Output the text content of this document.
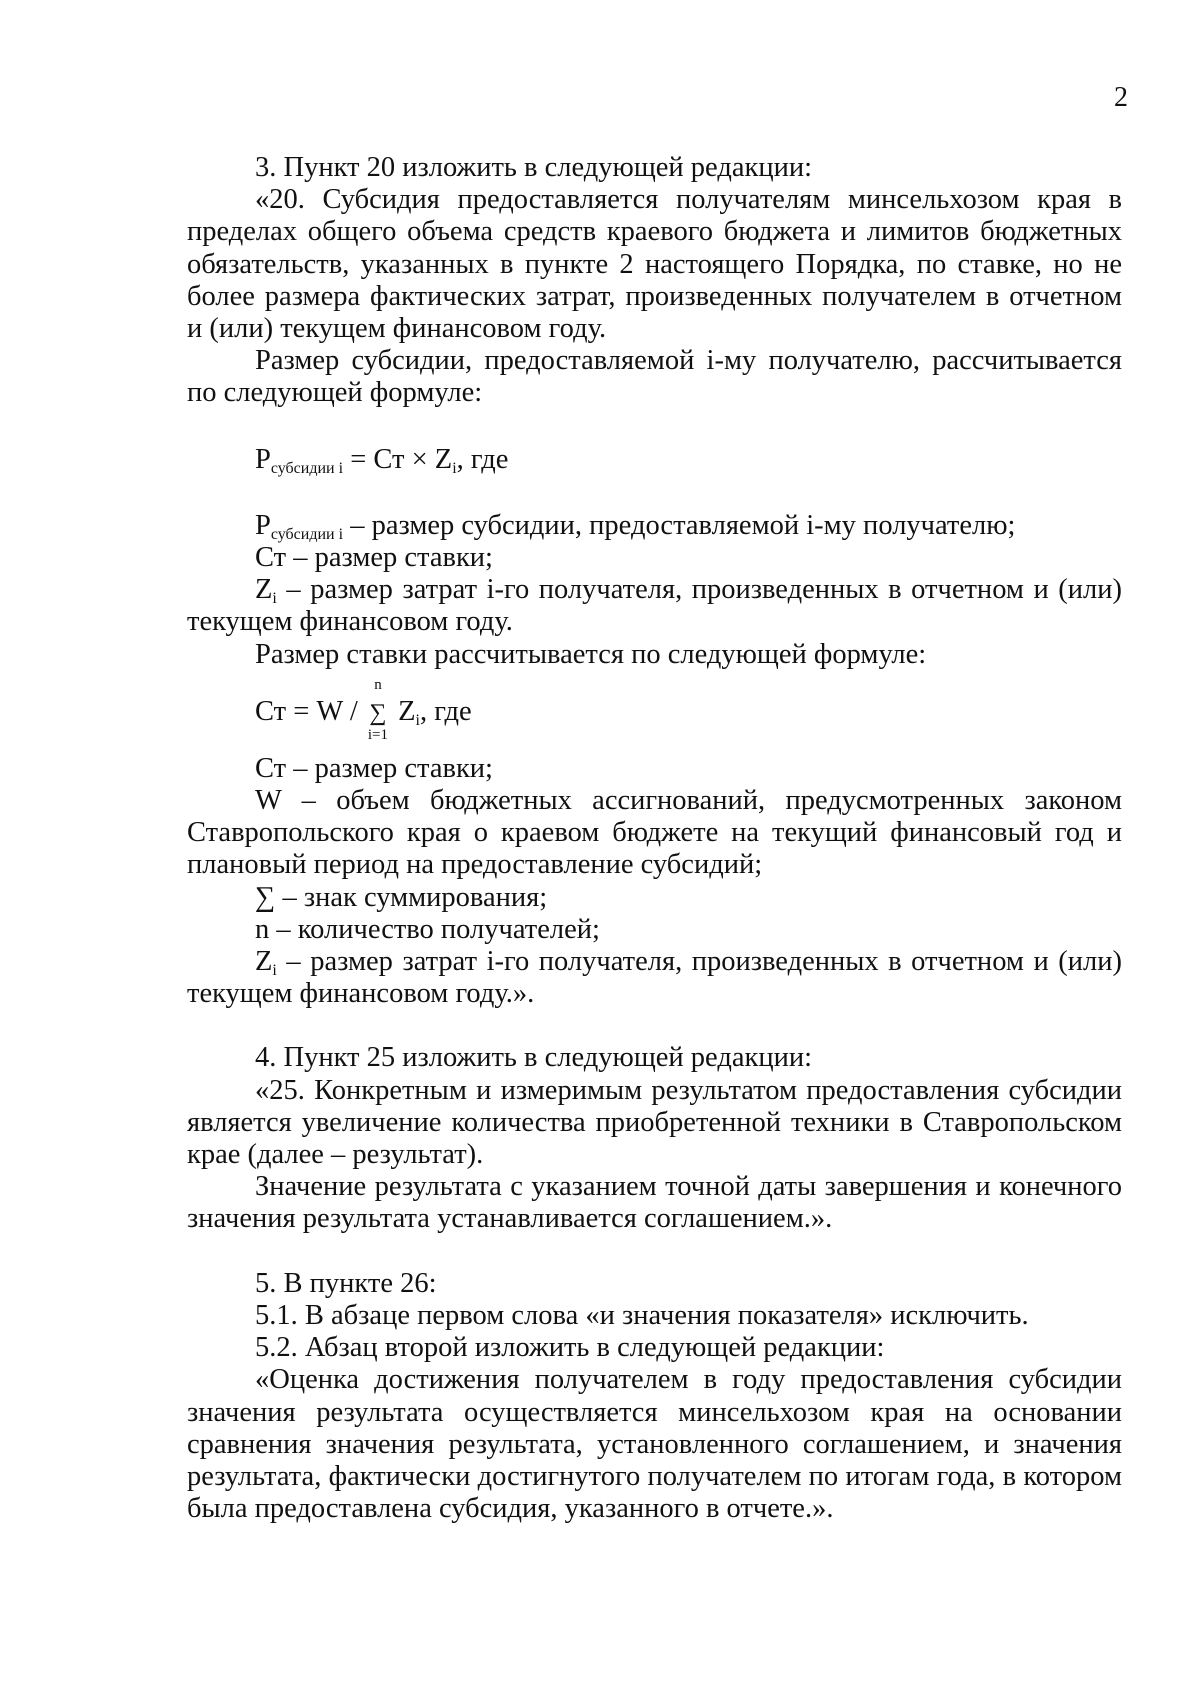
2

3. Пункт 20 изложить в следующей редакции:

«20. Субсидия предоставляется получателям минсельхозом края в пределах общего объема средств краевого бюджета и лимитов бюджетных обязательств, указанных в пункте 2 настоящего Порядка, по ставке, но не более размера фактических затрат, произведенных получателем в отчетном и (или) текущем финансовом году.

Размер субсидии, предоставляемой i-му получателю, рассчитывается по следующей формуле:

$P_{субсидии i}$ = Ст × $Z_i$, где

$P_{субсидии i}$ – размер субсидии, предоставляемой i-му получателю;

Ст – размер ставки;

$Z_i$ – размер затрат i-го получателя, произведенных в отчетном и (или) текущем финансовом году.

Размер ставки рассчитывается по следующей формуле:

Ст = W /
n
∑
i=1
$Z_i$, где

Ст – размер ставки;

W – объем бюджетных ассигнований, предусмотренных законом Ставропольского края о краевом бюджете на текущий финансовый год и плановый период на предоставление субсидий;

∑ – знак суммирования;

n – количество получателей;

$Z_i$ – размер затрат i-го получателя, произведенных в отчетном и (или) текущем финансовом году.».

4. Пункт 25 изложить в следующей редакции:

«25. Конкретным и измеримым результатом предоставления субсидии является увеличение количества приобретенной техники в Ставропольском крае (далее – результат).

Значение результата с указанием точной даты завершения и конечного значения результата устанавливается соглашением.».

5. В пункте 26:

5.1. В абзаце первом слова «и значения показателя» исключить.

5.2. Абзац второй изложить в следующей редакции:

«Оценка достижения получателем в году предоставления субсидии значения результата осуществляется минсельхозом края на основании сравнения значения результата, установленного соглашением, и значения результата, фактически достигнутого получателем по итогам года, в котором была предоставлена субсидия, указанного в отчете.».
